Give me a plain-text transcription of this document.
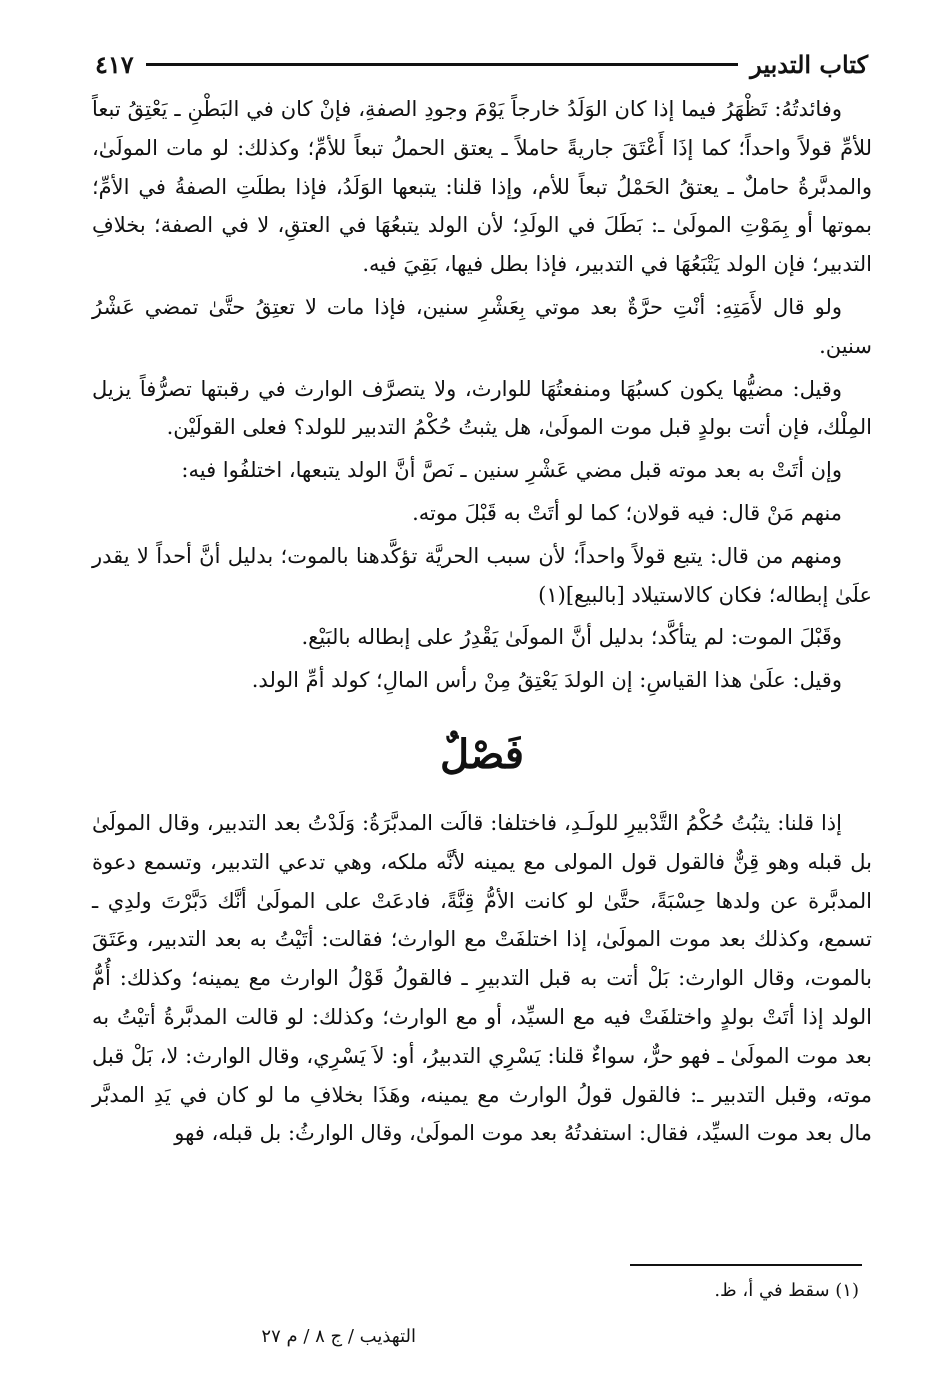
كتاب التدبير
٤١٧

وفائدتُهُ: تَظْهَرُ فيما إذا كان الوَلَدُ خارجاً يَوْمَ وجودِ الصفةِ، فإنْ كان في البَطْنِ ـ يَعْتِقُ تبعاً للأمِّ قولاً واحداً؛ كما إذَا أَعْتَقَ جاريةً حاملاً ـ يعتق الحملُ تبعاً للأمِّ؛ وكذلك: لو مات المولَىٰ، والمدبَّرةُ حاملٌ ـ يعتقُ الحَمْلُ تبعاً للأم، وإذا قلنا: يتبعها الوَلَدُ، فإذا بطلَتِ الصفةُ في الأمِّ؛ بموتها أو بِمَوْتِ المولَىٰ ـ: بَطَلَ في الولَدِ؛ لأن الولد يتبعُهَا في العتقِ، لا في الصفة؛ بخلافِ التدبير؛ فإن الولد يَتْبَعُهَا في التدبير، فإذا بطل فيها، بَقِيَ فيه.

ولو قال لأَمَتِهِ: أنْتِ حرَّةٌ بعد موتي بِعَشْرِ سنين، فإذا مات لا تعتِقُ حتَّىٰ تمضي عَشْرُ سنين.

وقيل: مضيُّها يكون كسبُهَا ومنفعتُهَا للوارث، ولا يتصرَّف الوارث في رقبتها تصرُّفاً يزيل المِلْك، فإن أتت بولدٍ قبل موت المولَىٰ، هل يثبتُ حُكْمُ التدبير للولد؟ فعلى القولَيْن.

وإن أتَتْ به بعد موته قبل مضي عَشْرِ سنين ـ نَصَّ أنَّ الولد يتبعها، اختلفُوا فيه:

منهم مَنْ قال: فيه قولان؛ كما لو أتَتْ به قَبْلَ موته.

ومنهم من قال: يتبع قولاً واحداً؛ لأن سبب الحريَّة تؤكَّدهنا بالموت؛ بدليل أنَّ أحداً لا يقدر علَىٰ إبطاله؛ فكان كالاستيلاد [بالبيع](١)

وقَبْلَ الموت: لم يتأكَّد؛ بدليل أنَّ المولَىٰ يَقْدِرُ على إبطاله بالبَيْع.

وقيل: علَىٰ هذا القياسِ: إن الولدَ يَعْتِقُ مِنْ رأس المالِ؛ كولد أمِّ الولد.

فَصْلٌ

إذا قلنا: يثبُتُ حُكْمُ التَّدْبيرِ للولَـدِ، فاختلفا: قالَت المدبَّرَةُ: وَلَدْتُ بعد التدبير، وقال المولَىٰ بل قبله وهو قِنٌّ فالقول قول المولى مع يمينه لأنَّه ملكه، وهي تدعي التدبير، وتسمع دعوة المدبَّرة عن ولدها حِسْبَةً، حتَّىٰ لو كانت الأمُّ قِنَّةً، فادعَتْ على المولَىٰ أنَّك دَبَّرْتَ ولدِي ـ تسمع، وكذلك بعد موت المولَىٰ، إذا اختلفَتْ مع الوارث؛ فقالت: أتَيْتُ به بعد التدبير، وعَتَقَ بالموت، وقال الوارث: بَلْ أتت به قبل التدبيرِ ـ فالقولُ قَوْلُ الوارث مع يمينه؛ وكذلك: أُمُّ الولد إذا أتَتْ بولدٍ واختلفَتْ فيه مع السيِّد، أو مع الوارث؛ وكذلك: لو قالت المدبَّرةُ أتيْتُ به بعد موت المولَىٰ ـ فهو حرٌّ، سواءٌ قلنا: يَسْرِي التدبيرُ، أو: لاَ يَسْرِي، وقال الوارث: لا، بَلْ قبل موته، وقبل التدبير ـ: فالقول قولُ الوارث مع يمينه، وهَذَا بخلافِ ما لو كان في يَدِ المدبَّر مال بعد موت السيِّد، فقال: استفدتُهُ بعد موت المولَىٰ، وقال الوارثُ: بل قبله، فهو

(١) سقط في أ، ظ.
التهذيب / ج ٨ / م ٢٧
